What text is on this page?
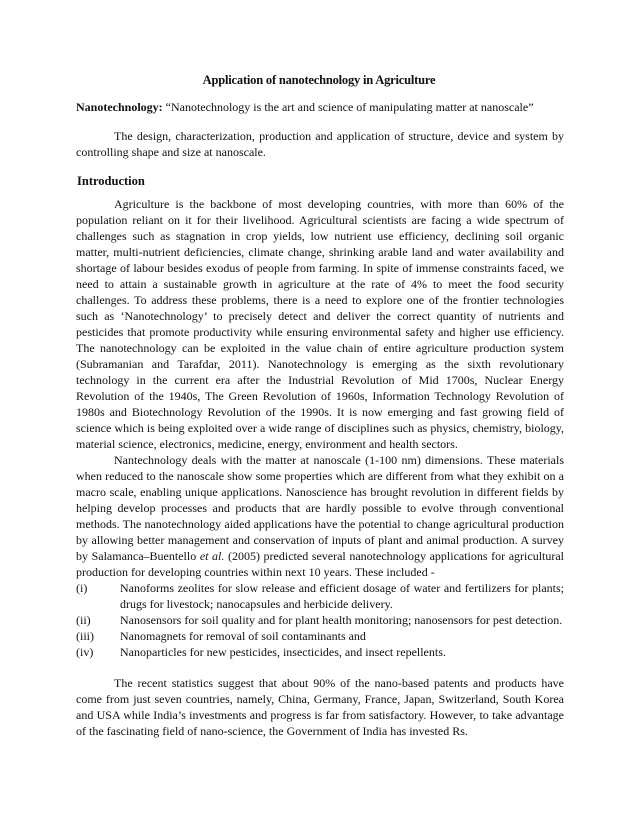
Application of nanotechnology in Agriculture
Nanotechnology: “Nanotechnology is the art and science of manipulating matter at nanoscale”
The design, characterization, production and application of structure, device and system by controlling shape and size at nanoscale.
Introduction
Agriculture is the backbone of most developing countries, with more than 60% of the population reliant on it for their livelihood. Agricultural scientists are facing a wide spectrum of challenges such as stagnation in crop yields, low nutrient use efficiency, declining soil organic matter, multi-nutrient deficiencies, climate change, shrinking arable land and water availability and shortage of labour besides exodus of people from farming. In spite of immense constraints faced, we need to attain a sustainable growth in agriculture at the rate of 4% to meet the food security challenges. To address these problems, there is a need to explore one of the frontier technologies such as ‘Nanotechnology’ to precisely detect and deliver the correct quantity of nutrients and pesticides that promote productivity while ensuring environmental safety and higher use efficiency. The nanotechnology can be exploited in the value chain of entire agriculture production system (Subramanian and Tarafdar, 2011). Nanotechnology is emerging as the sixth revolutionary technology in the current era after the Industrial Revolution of Mid 1700s, Nuclear Energy Revolution of the 1940s, The Green Revolution of 1960s, Information Technology Revolution of 1980s and Biotechnology Revolution of the 1990s. It is now emerging and fast growing field of science which is being exploited over a wide range of disciplines such as physics, chemistry, biology, material science, electronics, medicine, energy, environment and health sectors.
Nantechnology deals with the matter at nanoscale (1-100 nm) dimensions. These materials when reduced to the nanoscale show some properties which are different from what they exhibit on a macro scale, enabling unique applications. Nanoscience has brought revolution in different fields by helping develop processes and products that are hardly possible to evolve through conventional methods. The nanotechnology aided applications have the potential to change agricultural production by allowing better management and conservation of inputs of plant and animal production. A survey by Salamanca–Buentello et al. (2005) predicted several nanotechnology applications for agricultural production for developing countries within next 10 years. These included -
(i)	Nanoforms zeolites for slow release and efficient dosage of water and fertilizers for plants; drugs for livestock; nanocapsules and herbicide delivery.
(ii) Nanosensors for soil quality and for plant health monitoring; nanosensors for pest detection.
(iii) Nanomagnets for removal of soil contaminants and
(iv) Nanoparticles for new pesticides, insecticides, and insect repellents.
The recent statistics suggest that about 90% of the nano-based patents and products have come from just seven countries, namely, China, Germany, France, Japan, Switzerland, South Korea and USA while India’s investments and progress is far from satisfactory. However, to take advantage of the fascinating field of nano-science, the Government of India has invested Rs.
